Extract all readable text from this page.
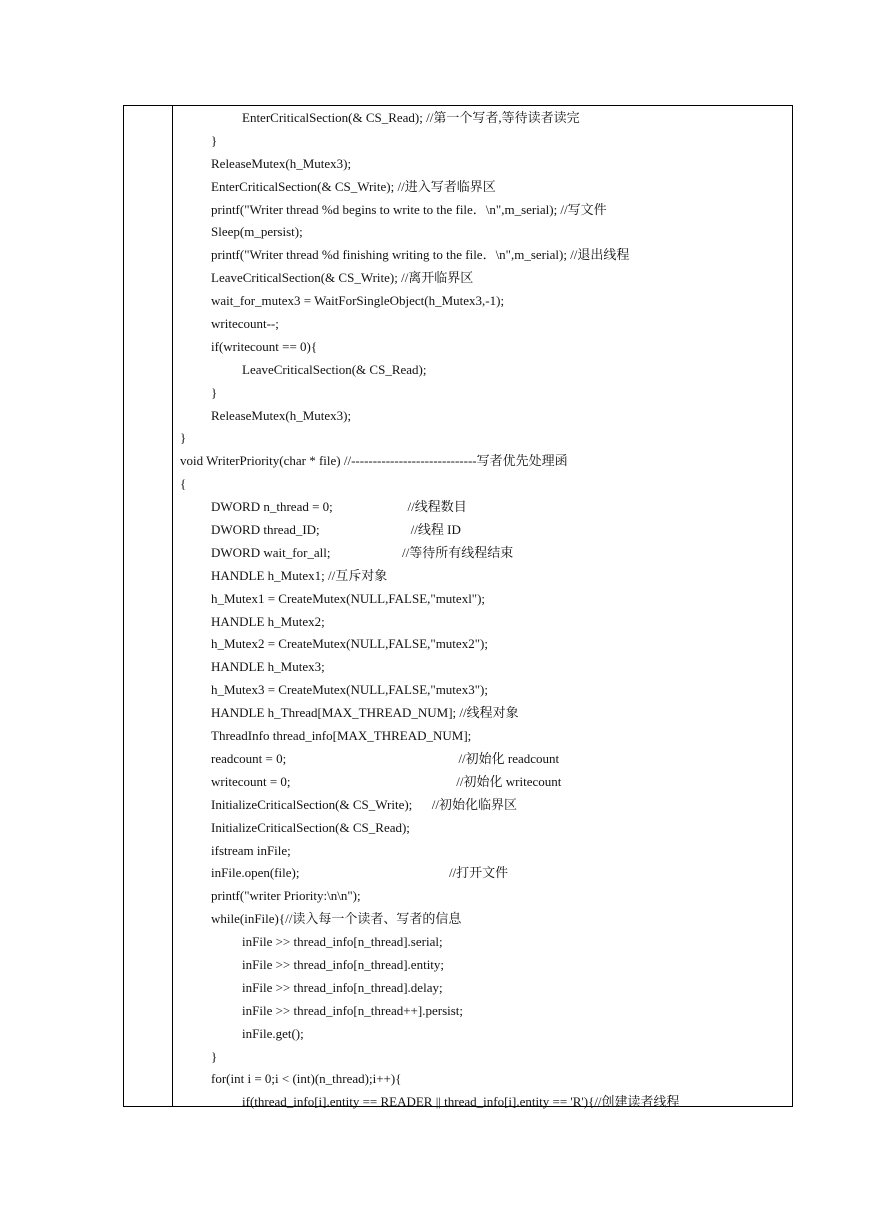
EnterCriticalSection(& CS_Read); //第一个写者,等待读者读完
}
ReleaseMutex(h_Mutex3);
EnterCriticalSection(& CS_Write); //进入写者临界区
printf("Writer thread %d begins to write to the file．\n",m_serial); //写文件
Sleep(m_persist);
printf("Writer thread %d finishing writing to the file．\n",m_serial); //退出线程
LeaveCriticalSection(& CS_Write); //离开临界区
wait_for_mutex3 = WaitForSingleObject(h_Mutex3,-1);
writecount--;
if(writecount == 0){
LeaveCriticalSection(& CS_Read);
}
ReleaseMutex(h_Mutex3);
}
void WriterPriority(char * file) //-----------------------------写者优先处理函
{
DWORD n_thread = 0;                       //线程数目
DWORD thread_ID;                            //线程 ID
DWORD wait_for_all;                      //等待所有线程结束
HANDLE h_Mutex1; //互斥对象
h_Mutex1 = CreateMutex(NULL,FALSE,"mutexl");
HANDLE h_Mutex2;
h_Mutex2 = CreateMutex(NULL,FALSE,"mutex2");
HANDLE h_Mutex3;
h_Mutex3 = CreateMutex(NULL,FALSE,"mutex3");
HANDLE h_Thread[MAX_THREAD_NUM]; //线程对象
ThreadInfo thread_info[MAX_THREAD_NUM];
readcount = 0;                                                     //初始化 readcount
writecount = 0;                                                   //初始化 writecount
InitializeCriticalSection(& CS_Write);      //初始化临界区
InitializeCriticalSection(& CS_Read);
ifstream inFile;
inFile.open(file);                                              //打开文件
printf("writer Priority:\n\n");
while(inFile){//读入每一个读者、写者的信息
inFile >> thread_info[n_thread].serial;
inFile >> thread_info[n_thread].entity;
inFile >> thread_info[n_thread].delay;
inFile >> thread_info[n_thread++].persist;
inFile.get();
}
for(int i = 0;i < (int)(n_thread);i++){
if(thread_info[i].entity == READER || thread_info[i].entity == 'R'){//创建读者线程
